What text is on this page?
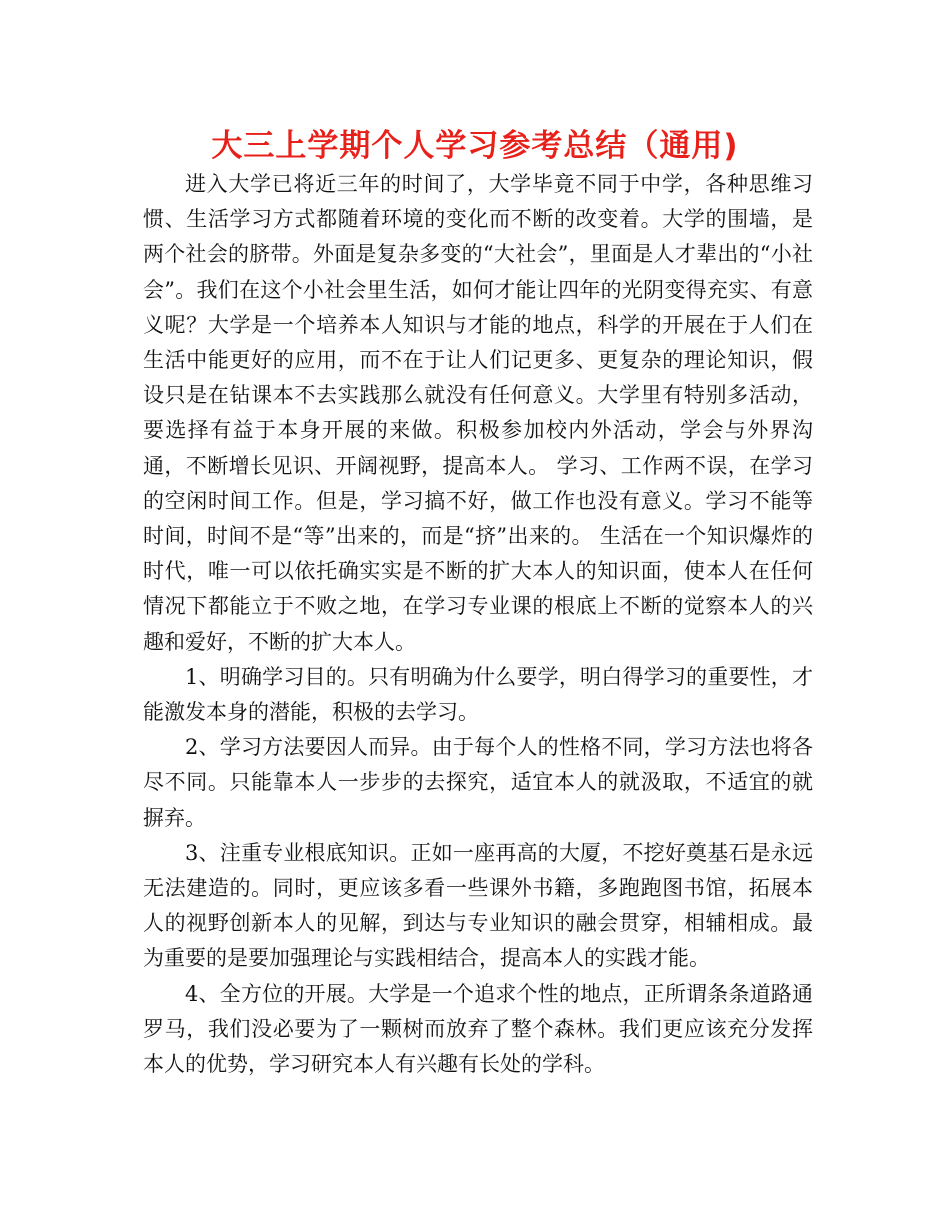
大三上学期个人学习参考总结（通用)

进入大学已将近三年的时间了，大学毕竟不同于中学，各种思维习惯、生活学习方式都随着环境的变化而不断的改变着。大学的围墙，是两个社会的脐带。外面是复杂多变的“大社会”，里面是人才辈出的“小社会”。我们在这个小社会里生活，如何才能让四年的光阴变得充实、有意义呢？大学是一个培养本人知识与才能的地点，科学的开展在于人们在生活中能更好的应用，而不在于让人们记更多、更复杂的理论知识，假设只是在钻课本不去实践那么就没有任何意义。大学里有特别多活动，要选择有益于本身开展的来做。积极参加校内外活动，学会与外界沟通，不断增长见识、开阔视野，提高本人。 学习、工作两不误，在学习的空闲时间工作。但是，学习搞不好，做工作也没有意义。学习不能等时间，时间不是“等”出来的，而是“挤”出来的。 生活在一个知识爆炸的时代，唯一可以依托确实实是不断的扩大本人的知识面，使本人在任何情况下都能立于不败之地，在学习专业课的根底上不断的觉察本人的兴趣和爱好，不断的扩大本人。

1、明确学习目的。只有明确为什么要学，明白得学习的重要性，才能激发本身的潜能，积极的去学习。

2、学习方法要因人而异。由于每个人的性格不同，学习方法也将各尽不同。只能靠本人一步步的去探究，适宜本人的就汲取，不适宜的就摒弃。

3、注重专业根底知识。正如一座再高的大厦，不挖好奠基石是永远无法建造的。同时，更应该多看一些课外书籍，多跑跑图书馆，拓展本人的视野创新本人的见解，到达与专业知识的融会贯穿，相辅相成。最为重要的是要加强理论与实践相结合，提高本人的实践才能。

4、全方位的开展。大学是一个追求个性的地点，正所谓条条道路通罗马，我们没必要为了一颗树而放弃了整个森林。我们更应该充分发挥本人的优势，学习研究本人有兴趣有长处的学科。
